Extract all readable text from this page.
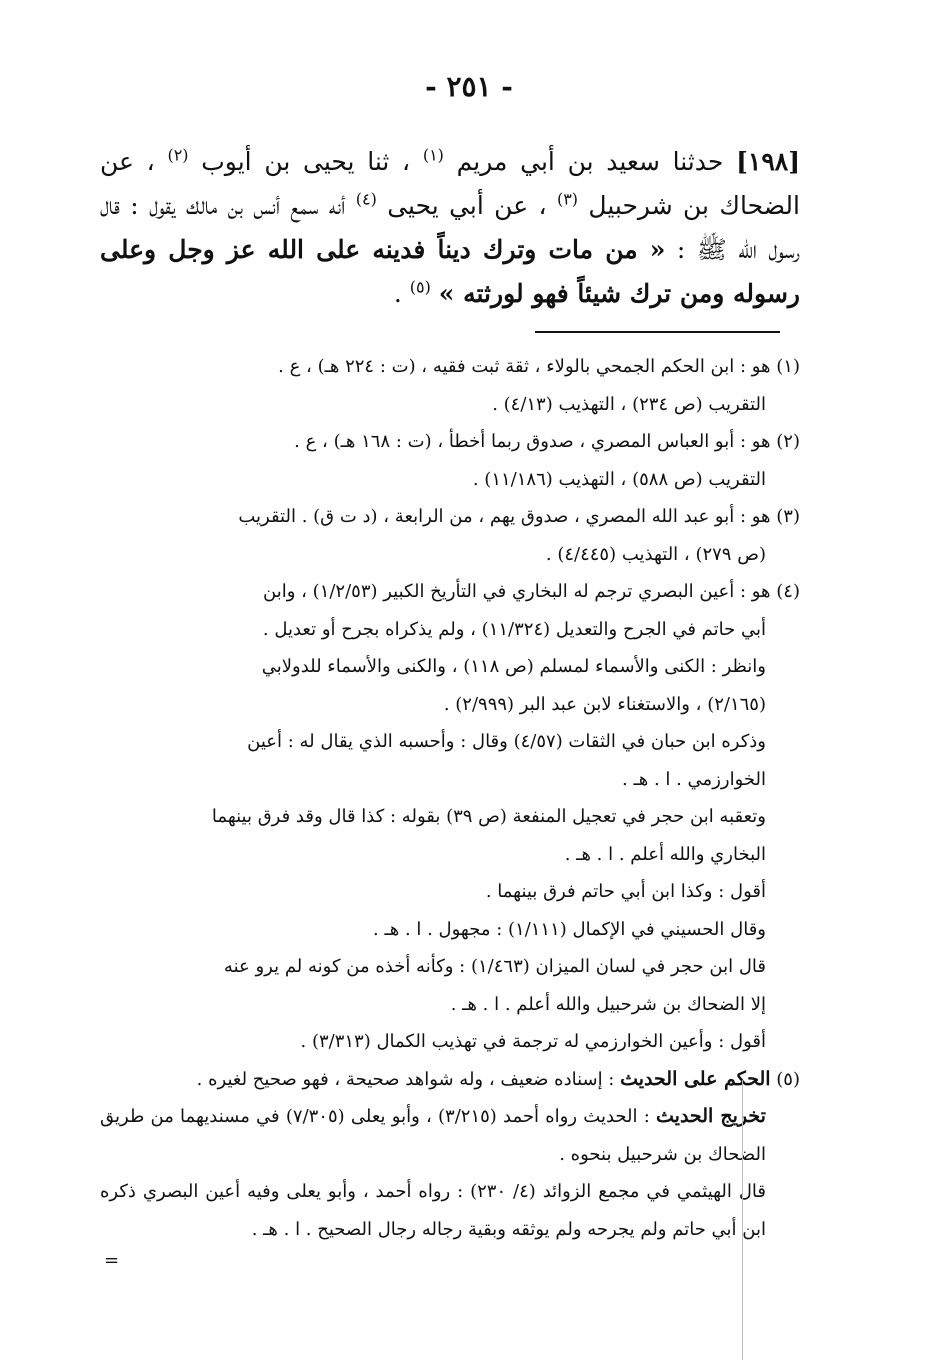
- ٢٥١ -

[١٩٨] حدثنا سعيد بن أبي مريم $^{(١)}$ ، ثنا يحيى بن أيوب $^{(٢)}$ ، عن الضحاك بن شرحبيل $^{(٣)}$ ، عن أبي يحيى $^{(٤)}$ أنه سمع أنس بن مالك يقول : قال رسول الله ﷺ : « من مات وترك ديناً فدينه على الله عز وجل وعلى رسوله ومن ترك شيئاً فهو لورثته » $^{(٥)}$ .

(١) هو : ابن الحكم الجمحي بالولاء ، ثقة ثبت فقيه ، (ت : ٢٢٤ هـ) ، ع .

التقريب (ص ٢٣٤) ، التهذيب (٤/١٣) .

(٢) هو : أبو العباس المصري ، صدوق ربما أخطأ ، (ت : ١٦٨ هـ) ، ع .

التقريب (ص ٥٨٨) ، التهذيب (١١/١٨٦) .

(٣) هو : أبو عبد الله المصري ، صدوق يهم ، من الرابعة ، (د ت ق) . التقريب

(ص ٢٧٩) ، التهذيب (٤/٤٤٥) .

(٤) هو : أعين البصري ترجم له البخاري في التأريخ الكبير (١/٢/٥٣) ، وابن

أبي حاتم في الجرح والتعديل (١١/٣٢٤) ، ولم يذكراه بجرح أو تعديل .

وانظر : الكنى والأسماء لمسلم (ص ١١٨) ، والكنى والأسماء للدولابي

(٢/١٦٥) ، والاستغناء لابن عبد البر (٢/٩٩٩) .

وذكره ابن حبان في الثقات (٤/٥٧) وقال : وأحسبه الذي يقال له : أعين

الخوارزمي . ا . هـ .

وتعقبه ابن حجر في تعجيل المنفعة (ص ٣٩) بقوله : كذا قال وقد فرق بينهما

البخاري والله أعلم . ا . هـ .

أقول : وكذا ابن أبي حاتم فرق بينهما .

وقال الحسيني في الإكمال (١/١١١) : مجهول . ا . هـ .

قال ابن حجر في لسان الميزان (١/٤٦٣) : وكأنه أخذه من كونه لم يرو عنه

إلا الضحاك بن شرحبيل والله أعلم . ا . هـ .

أقول : وأعين الخوارزمي له ترجمة في تهذيب الكمال (٣/٣١٣) .

(٥) الحكم على الحديث : إسناده ضعيف ، وله شواهد صحيحة ، فهو صحيح لغيره .

تخريج الحديث : الحديث رواه أحمد (٣/٢١٥) ، وأبو يعلى (٧/٣٠٥) في مسنديهما من طريق الضحاك بن شرحبيل بنحوه .

قال الهيثمي في مجمع الزوائد (٤/ ٢٣٠) : رواه أحمد ، وأبو يعلى وفيه أعين البصري ذكره ابن أبي حاتم ولم يجرحه ولم يوثقه وبقية رجاله رجال الصحيح . ا . هـ .

=
